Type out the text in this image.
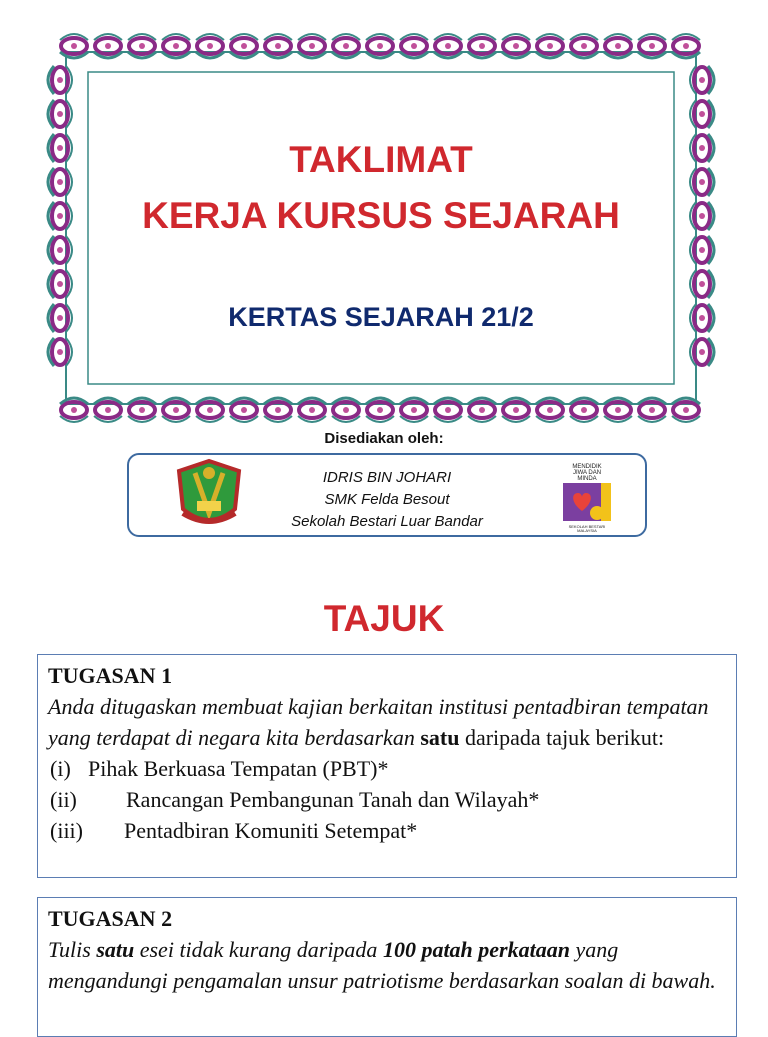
TAKLIMAT
KERJA KURSUS SEJARAH
KERTAS SEJARAH 21/2
Disediakan oleh:
IDRIS BIN JOHARI
SMK Felda Besout
Sekolah Bestari Luar Bandar
MENDIDIK
JIWA DAN
MINDA
SEKOLAH BESTARI
MALAYSIA
TAJUK
TUGASAN 1
Anda ditugaskan membuat kajian berkaitan institusi pentadbiran tempatan yang terdapat di negara kita berdasarkan satu daripada tajuk berikut:
(i) Pihak Berkuasa Tempatan (PBT)*
(ii) Rancangan Pembangunan Tanah dan Wilayah*
(iii) Pentadbiran Komuniti Setempat*
TUGASAN 2
Tulis satu esei tidak kurang daripada 100 patah perkataan yang mengandungi pengamalan unsur patriotisme berdasarkan soalan di bawah.
